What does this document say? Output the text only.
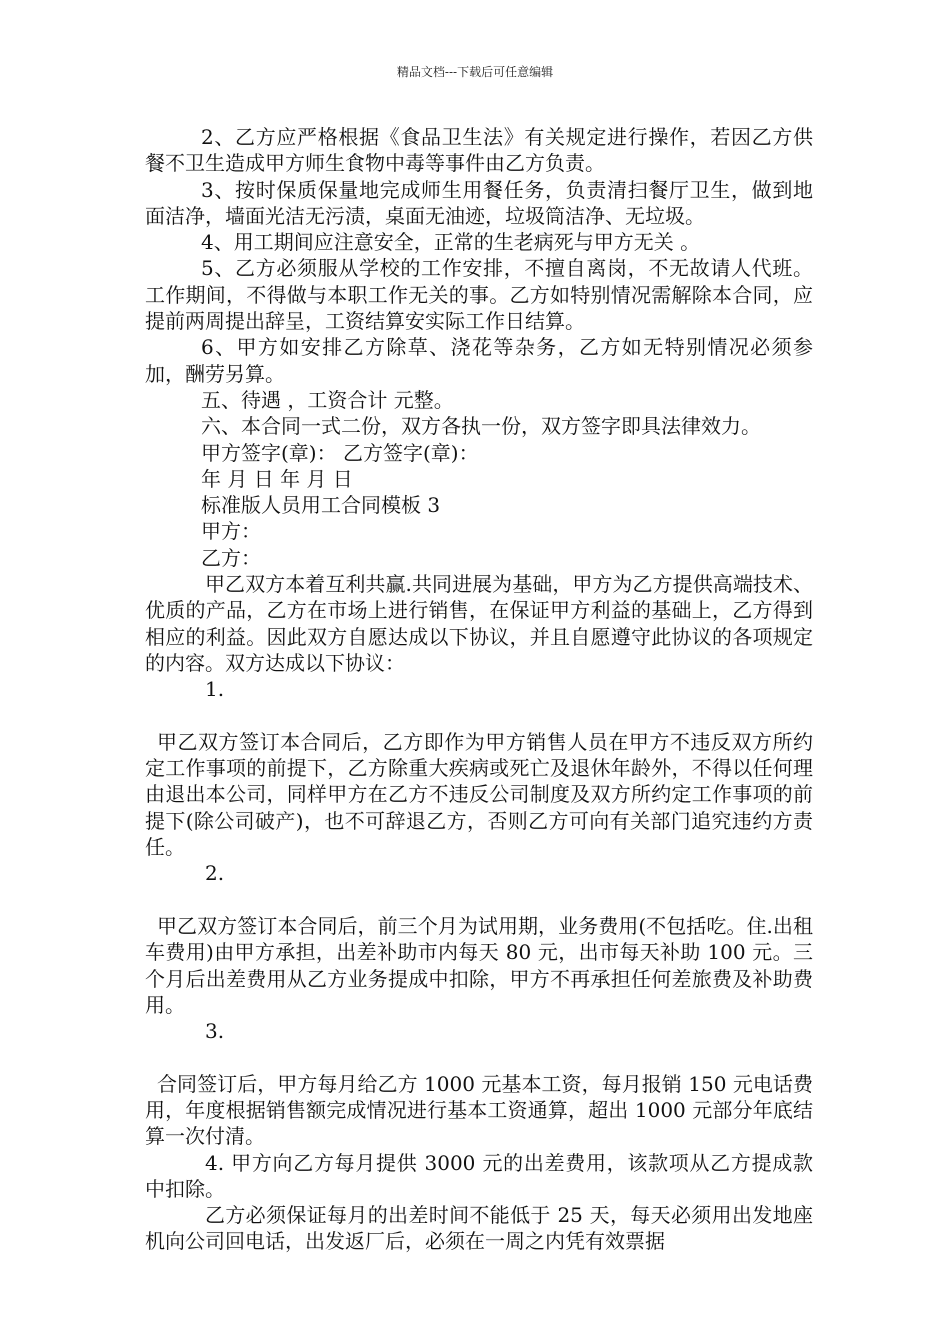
精品文档---下载后可任意编辑

2、乙方应严格根据《食品卫生法》有关规定进行操作，若因乙方供餐不卫生造成甲方师生食物中毒等事件由乙方负责。

3、按时保质保量地完成师生用餐任务，负责清扫餐厅卫生，做到地面洁净，墙面光洁无污渍，桌面无油迹，垃圾筒洁净、无垃圾。

4、用工期间应注意安全，正常的生老病死与甲方无关 。

5、乙方必须服从学校的工作安排，不擅自离岗，不无故请人代班。工作期间，不得做与本职工作无关的事。乙方如特别情况需解除本合同，应提前两周提出辞呈，工资结算安实际工作日结算。

6、甲方如安排乙方除草、浇花等杂务，乙方如无特别情况必须参加，酬劳另算。

五、待遇 ，工资合计 元整。

六、本合同一式二份，双方各执一份，双方签字即具法律效力。

甲方签字(章)： 乙方签字(章)：

年 月 日 年 月 日

标准版人员用工合同模板 3

甲方：

乙方：

甲乙双方本着互利共赢.共同进展为基础，甲方为乙方提供高端技术、优质的产品，乙方在市场上进行销售，在保证甲方利益的基础上，乙方得到相应的利益。因此双方自愿达成以下协议，并且自愿遵守此协议的各项规定的内容。双方达成以下协议：

1.

甲乙双方签订本合同后，乙方即作为甲方销售人员在甲方不违反双方所约定工作事项的前提下，乙方除重大疾病或死亡及退休年龄外，不得以任何理由退出本公司，同样甲方在乙方不违反公司制度及双方所约定工作事项的前提下(除公司破产)，也不可辞退乙方，否则乙方可向有关部门追究违约方责任。

2.

甲乙双方签订本合同后，前三个月为试用期，业务费用(不包括吃。住.出租车费用)由甲方承担，出差补助市内每天 80 元，出市每天补助 100 元。三个月后出差费用从乙方业务提成中扣除，甲方不再承担任何差旅费及补助费用。

3.

合同签订后，甲方每月给乙方 1000 元基本工资，每月报销 150 元电话费用，年度根据销售额完成情况进行基本工资通算，超出 1000 元部分年底结算一次付清。

4. 甲方向乙方每月提供 3000 元的出差费用，该款项从乙方提成款中扣除。

乙方必须保证每月的出差时间不能低于 25 天，每天必须用出发地座机向公司回电话，出发返厂后，必须在一周之内凭有效票据
